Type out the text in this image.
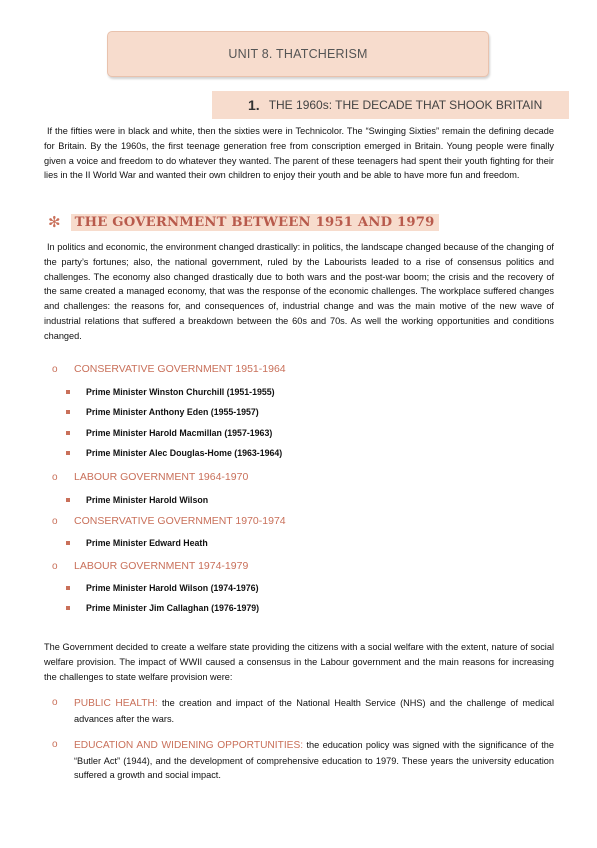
UNIT 8. THATCHERISM
1. THE 1960s: THE DECADE THAT SHOOK BRITAIN

If the fifties were in black and white, then the sixties were in Technicolor. The “Swinging Sixties” remain the defining decade for Britain. By the 1960s, the first teenage generation free from conscription emerged in Britain. Young people were finally given a voice and freedom to do whatever they wanted. The parent of these teenagers had spent their youth fighting for their lies in the II World War and wanted their own children to enjoy their youth and be able to have more fun and freedom.

✻	THE GOVERNMENT BETWEEN 1951 AND 1979

In politics and economic, the environment changed drastically: in politics, the landscape changed because of the changing of the party’s fortunes; also, the national government, ruled by the Labourists leaded to a rise of consensus politics and challenges. The economy also changed drastically due to both wars and the post-war boom; the crisis and the recovery of the same created a managed economy, that was the response of the economic challenges. The workplace suffered changes and challenges: the reasons for, and consequences of, industrial change and was the main motive of the new wave of industrial relations that suffered a breakdown between the 60s and 70s. As well the working opportunities and conditions changed.

o	CONSERVATIVE GOVERNMENT 1951-1964
Prime Minister Winston Churchill (1951-1955)
Prime Minister Anthony Eden (1955-1957)
Prime Minister Harold Macmillan (1957-1963)
Prime Minister Alec Douglas-Home (1963-1964)
o	LABOUR GOVERNMENT 1964-1970
Prime Minister Harold Wilson
o	CONSERVATIVE GOVERNMENT 1970-1974
Prime Minister Edward Heath
o	LABOUR GOVERNMENT 1974-1979
Prime Minister Harold Wilson (1974-1976)
Prime Minister Jim Callaghan (1976-1979)

The Government decided to create a welfare state providing the citizens with a social welfare with the extent, nature of social welfare provision. The impact of WWII caused a consensus in the Labour government and the main reasons for increasing the challenges to state welfare provision were:

o	PUBLIC HEALTH: the creation and impact of the National Health Service (NHS) and the challenge of medical advances after the wars.
o	EDUCATION AND WIDENING OPPORTUNITIES: the education policy was signed with the significance of the “Butler Act” (1944), and the development of comprehensive education to 1979. These years the university education suffered a growth and social impact.
